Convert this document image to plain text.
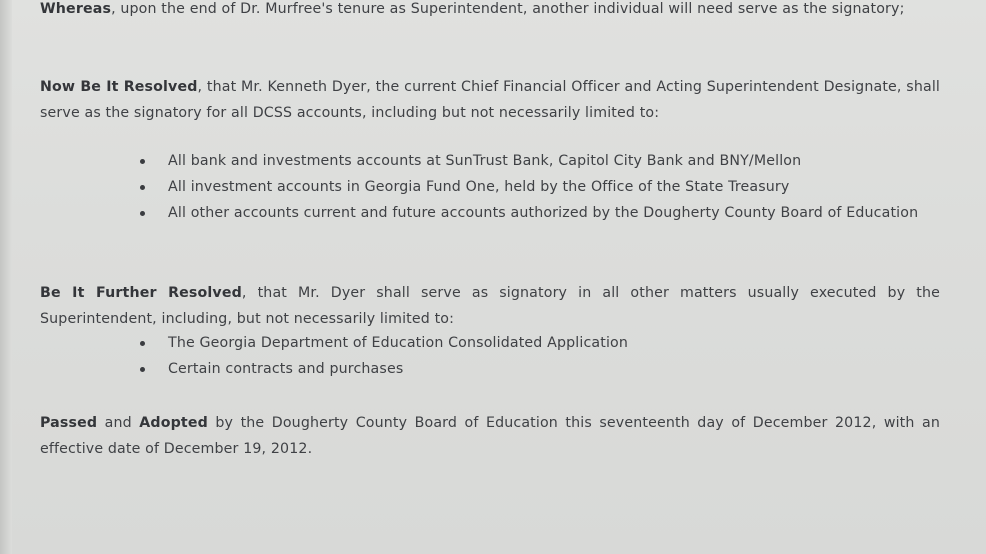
Whereas, upon the end of Dr. Murfree's tenure as Superintendent, another individual will need serve as the signatory;

Now Be It Resolved, that Mr. Kenneth Dyer, the current Chief Financial Officer and Acting Superintendent Designate, shall serve as the signatory for all DCSS accounts, including but not necessarily limited to:

All bank and investments accounts at SunTrust Bank, Capitol City Bank and BNY/Mellon
All investment accounts in Georgia Fund One, held by the Office of the State Treasury
All other accounts current and future accounts authorized by the Dougherty County Board of Education

Be It Further Resolved, that Mr. Dyer shall serve as signatory in all other matters usually executed by the Superintendent, including, but not necessarily limited to:

The Georgia Department of Education Consolidated Application
Certain contracts and purchases

Passed and Adopted by the Dougherty County Board of Education this seventeenth day of December 2012, with an effective date of December 19, 2012.
